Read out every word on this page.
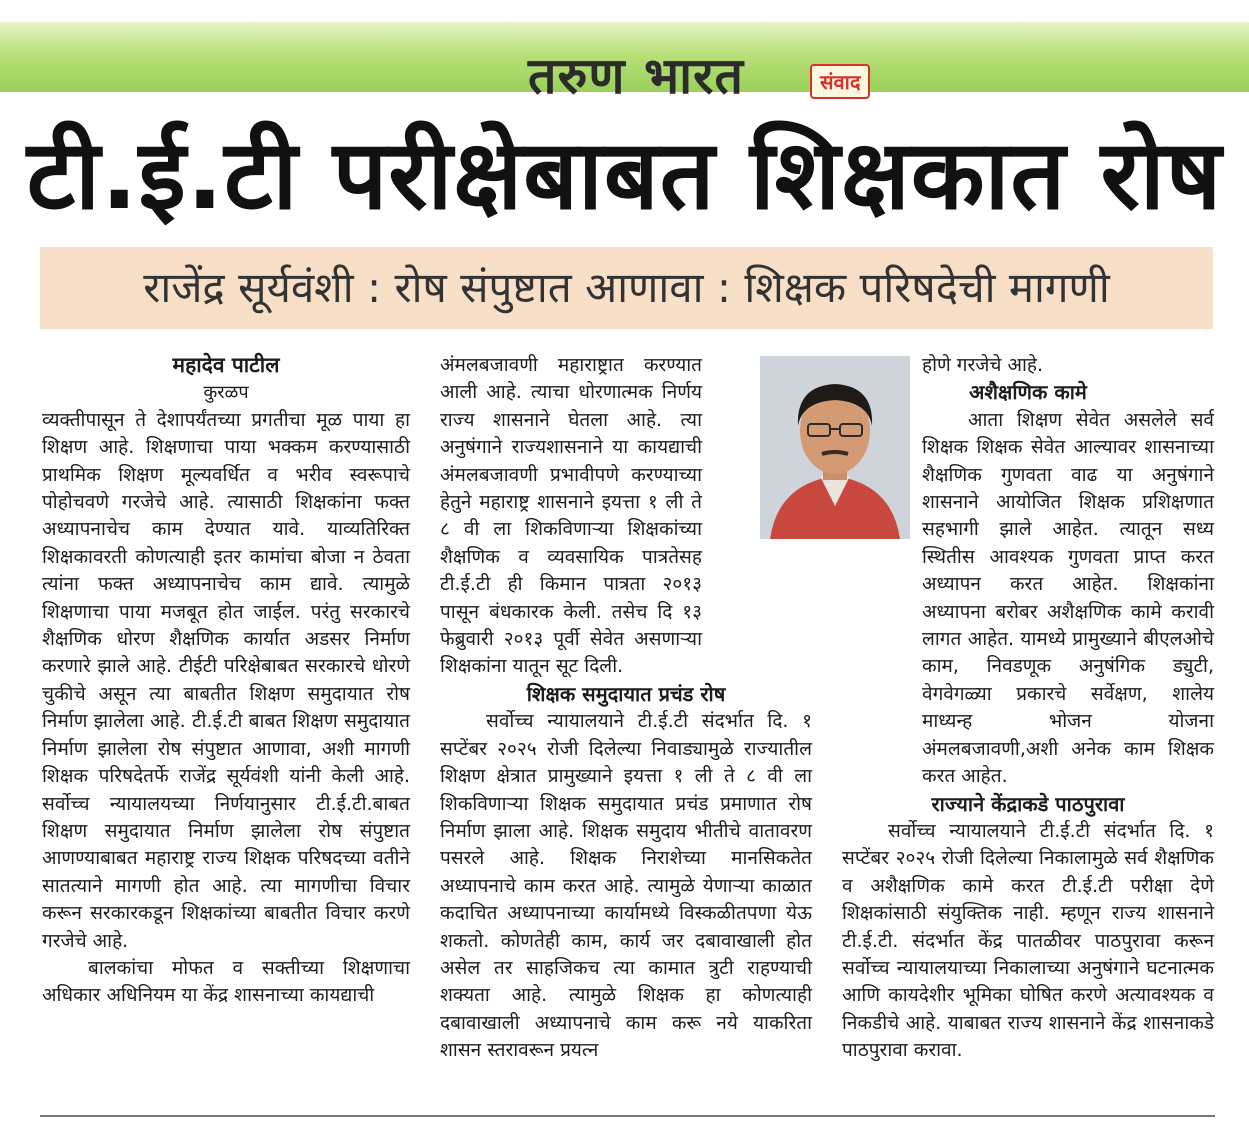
तरुण भारत	संवाद
टी.ई.टी परीक्षेबाबत शिक्षकात रोष
राजेंद्र सूर्यवंशी : रोष संपुष्टात आणावा : शिक्षक परिषदेची मागणी

महादेव पाटील

कुरळप

व्यक्तीपासून ते देशापर्यंतच्या प्रगतीचा मूळ पाया हा शिक्षण आहे. शिक्षणाचा पाया भक्कम करण्यासाठी प्राथमिक शिक्षण मूल्यवर्धित व भरीव स्वरूपाचे पोहोचवणे गरजेचे आहे. त्यासाठी शिक्षकांना फक्त अध्यापनाचेच काम देण्यात यावे. याव्यतिरिक्त शिक्षकावरती कोणत्याही इतर कामांचा बोजा न ठेवता त्यांना फक्त अध्यापनाचेच काम द्यावे. त्यामुळे शिक्षणाचा पाया मजबूत होत जाईल. परंतु सरकारचे शैक्षणिक धोरण शैक्षणिक कार्यात अडसर निर्माण करणारे झाले आहे. टीईटी परिक्षेबाबत सरकारचे धोरणे चुकीचे असून त्या बाबतीत शिक्षण समुदायात रोष निर्माण झालेला आहे. टी.ई.टी बाबत शिक्षण समुदायात निर्माण झालेला रोष संपुष्टात आणावा, अशी मागणी शिक्षक परिषदेतर्फे राजेंद्र सूर्यवंशी यांनी केली आहे. सर्वोच्च न्यायालयच्या निर्णयानुसार टी.ई.टी.बाबत शिक्षण समुदायात निर्माण झालेला रोष संपुष्टात आणण्याबाबत महाराष्ट्र राज्य शिक्षक परिषदच्या वतीने सातत्याने मागणी होत आहे. त्या मागणीचा विचार करून सरकारकडून शिक्षकांच्या बाबतीत विचार करणे गरजेचे आहे.

बालकांचा मोफत व सक्तीच्या शिक्षणाचा अधिकार अधिनियम या केंद्र शासनाच्या कायद्याची

अंमलबजावणी महाराष्ट्रात करण्यात आली आहे. त्याचा धोरणात्मक निर्णय राज्य शासनाने घेतला आहे. त्या अनुषंगाने राज्यशासनाने या कायद्याची अंमलबजावणी प्रभावीपणे करण्याच्या हेतुने महाराष्ट्र शासनाने इयत्ता १ ली ते ८ वी ला शिकविणाऱ्या शिक्षकांच्या शैक्षणिक व व्यवसायिक पात्रतेसह टी.ई.टी ही किमान पात्रता २०१३ पासून बंधकारक केली. तसेच दि १३ फेब्रुवारी २०१३ पूर्वी सेवेत असणाऱ्या शिक्षकांना यातून सूट दिली.

शिक्षक समुदायात प्रचंड रोष

सर्वोच्च न्यायालयाने टी.ई.टी संदर्भात दि. १ सप्टेंबर २०२५ रोजी दिलेल्या निवाड्यामुळे राज्यातील शिक्षण क्षेत्रात प्रामुख्याने इयत्ता १ ली ते ८ वी ला शिकविणाऱ्या शिक्षक समुदायात प्रचंड प्रमाणात रोष निर्माण झाला आहे. शिक्षक समुदाय भीतीचे वातावरण पसरले आहे. शिक्षक निराशेच्या मानसिकतेत अध्यापनाचे काम करत आहे. त्यामुळे येणाऱ्या काळात कदाचित अध्यापनाच्या कार्यामध्ये विस्कळीतपणा येऊ शकतो. कोणतेही काम, कार्य जर दबावाखाली होत असेल तर साहजिकच त्या कामात त्रुटी राहण्याची शक्यता आहे. त्यामुळे शिक्षक हा कोणत्याही दबावाखाली अध्यापनाचे काम करू नये याकरिता शासन स्तरावरून प्रयत्न

होणे गरजेचे आहे.

अशैक्षणिक कामे

आता शिक्षण सेवेत असलेले सर्व शिक्षक शिक्षक सेवेत आल्यावर शासनाच्या शैक्षणिक गुणवता वाढ या अनुषंगाने शासनाने आयोजित शिक्षक प्रशिक्षणात सहभागी झाले आहेत. त्यातून सध्य स्थितीस आवश्यक गुणवता प्राप्त करत अध्यापन करत आहेत. शिक्षकांना अध्यापना बरोबर अशैक्षणिक कामे करावी लागत आहेत. यामध्ये प्रामुख्याने बीएलओचे काम, निवडणूक अनुषंगिक ड्युटी, वेगवेगळ्या प्रकारचे सर्वेक्षण, शालेय माध्यन्ह भोजन योजना अंमलबजावणी,अशी अनेक काम शिक्षक करत आहेत.

राज्याने केंद्राकडे पाठपुरावा

सर्वोच्च न्यायालयाने टी.ई.टी संदर्भात दि. १ सप्टेंबर २०२५ रोजी दिलेल्या निकालामुळे सर्व शैक्षणिक व अशैक्षणिक कामे करत टी.ई.टी परीक्षा देणे शिक्षकांसाठी संयुक्तिक नाही. म्हणून राज्य शासनाने टी.ई.टी. संदर्भात केंद्र पातळीवर पाठपुरावा करून सर्वोच्च न्यायालयाच्या निकालाच्या अनुषंगाने घटनात्मक आणि कायदेशीर भूमिका घोषित करणे अत्यावश्यक व निकडीचे आहे. याबाबत राज्य शासनाने केंद्र शासनाकडे पाठपुरावा करावा.
